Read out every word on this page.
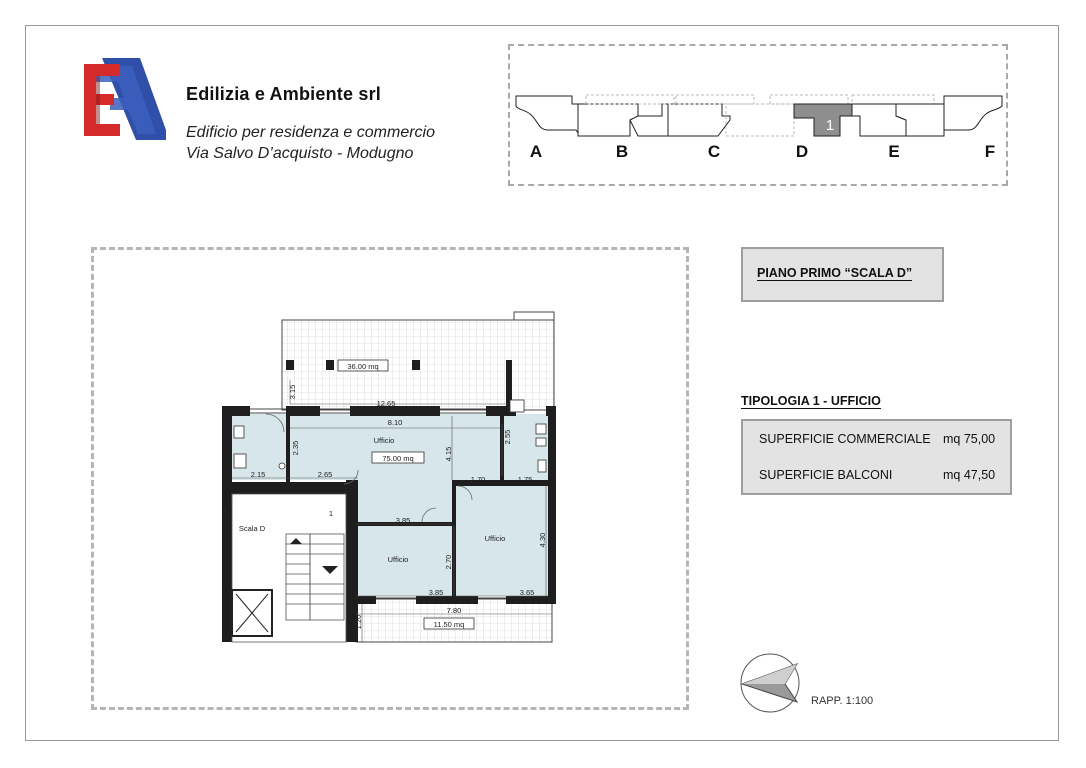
Edilizia e Ambiente srl
Edificio per residenza e commercio
Via Salvo D’acquisto - Modugno
1
A	B	C	D	E	F
36.00 mq
75.00 mq
11.50 mq
Ufficio
Ufficio
Ufficio
Scala D
1
12.65
3.15
8.10
2.35
2.55
4.15
2.15	2.65
1.70	1.75
3.85
4.30
2.70
3.85	3.65
7.80
1.20
PIANO PRIMO “SCALA D”
TIPOLOGIA 1 - UFFICIO
SUPERFICIE COMMERCIALE mq 75,00
SUPERFICIE BALCONI	mq 47,50
RAPP. 1:100
